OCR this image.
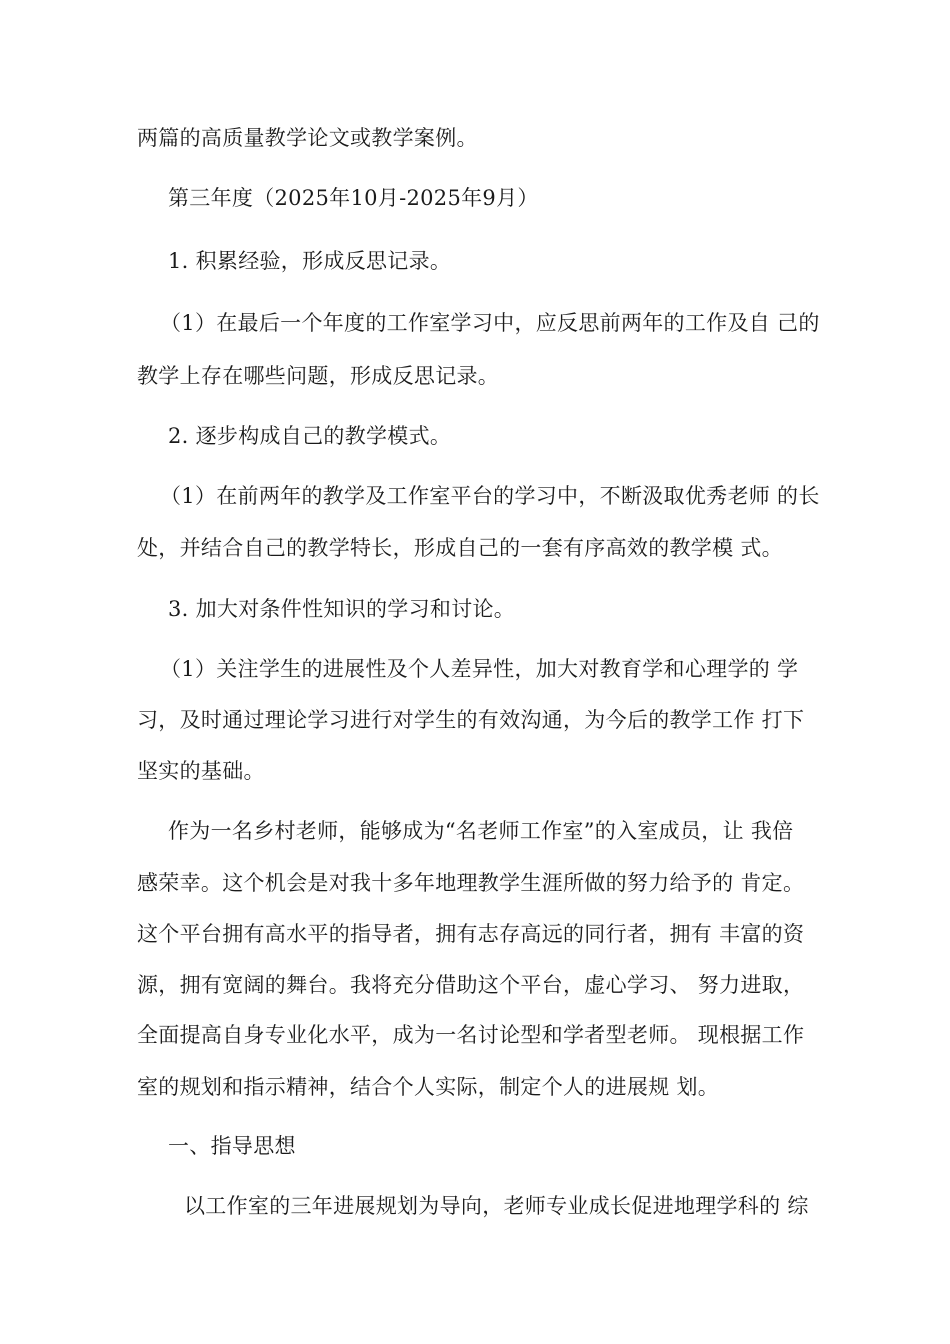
两篇的高质量教学论文或教学案例。
第三年度（2025年10月-2025年9月）
1. 积累经验，形成反思记录。
（1）在最后一个年度的工作室学习中，应反思前两年的工作及自 己的
教学上存在哪些问题，形成反思记录。
2. 逐步构成自己的教学模式。
（1）在前两年的教学及工作室平台的学习中，不断汲取优秀老师 的长
处，并结合自己的教学特长，形成自己的一套有序高效的教学模 式。
3. 加大对条件性知识的学习和讨论。
（1）关注学生的进展性及个人差异性，加大对教育学和心理学的 学
习，及时通过理论学习进行对学生的有效沟通，为今后的教学工作 打下
坚实的基础。
作为一名乡村老师，能够成为“名老师工作室”的入室成员，让 我倍
感荣幸。这个机会是对我十多年地理教学生涯所做的努力给予的 肯定。
这个平台拥有高水平的指导者，拥有志存高远的同行者，拥有 丰富的资
源，拥有宽阔的舞台。我将充分借助这个平台，虚心学习、 努力进取，
全面提高自身专业化水平，成为一名讨论型和学者型老师。 现根据工作
室的规划和指示精神，结合个人实际，制定个人的进展规 划。
一、指导思想
以工作室的三年进展规划为导向，老师专业成长促进地理学科的 综
